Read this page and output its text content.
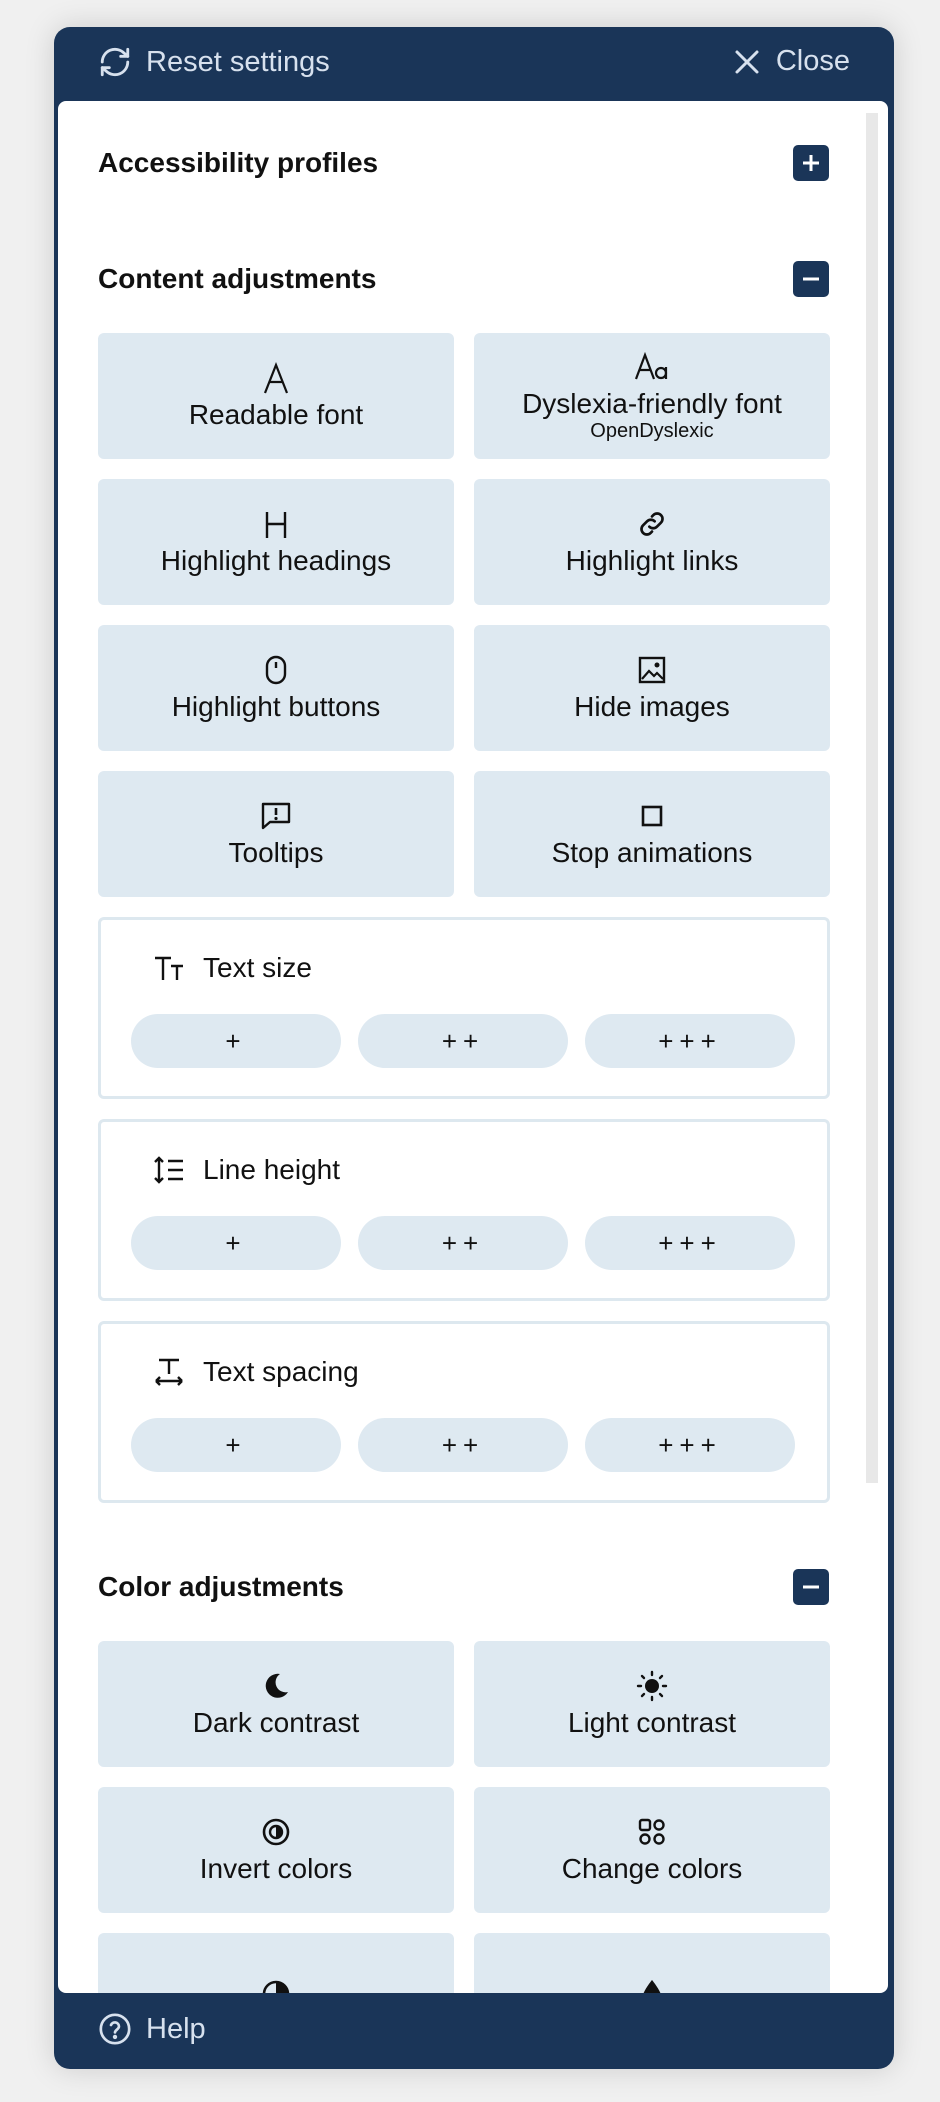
Reset settings	Close
Accessibility profiles
Content adjustments
Readable font	Dyslexia-friendly font
OpenDyslexic
Highlight headings	Highlight links
Highlight buttons	Hide images
Tooltips	Stop animations
Text size
+	++	+++
Line height
+	++	+++
Text spacing
+	++	+++
Color adjustments
Dark contrast	Light contrast
Invert colors	Change colors
Help
